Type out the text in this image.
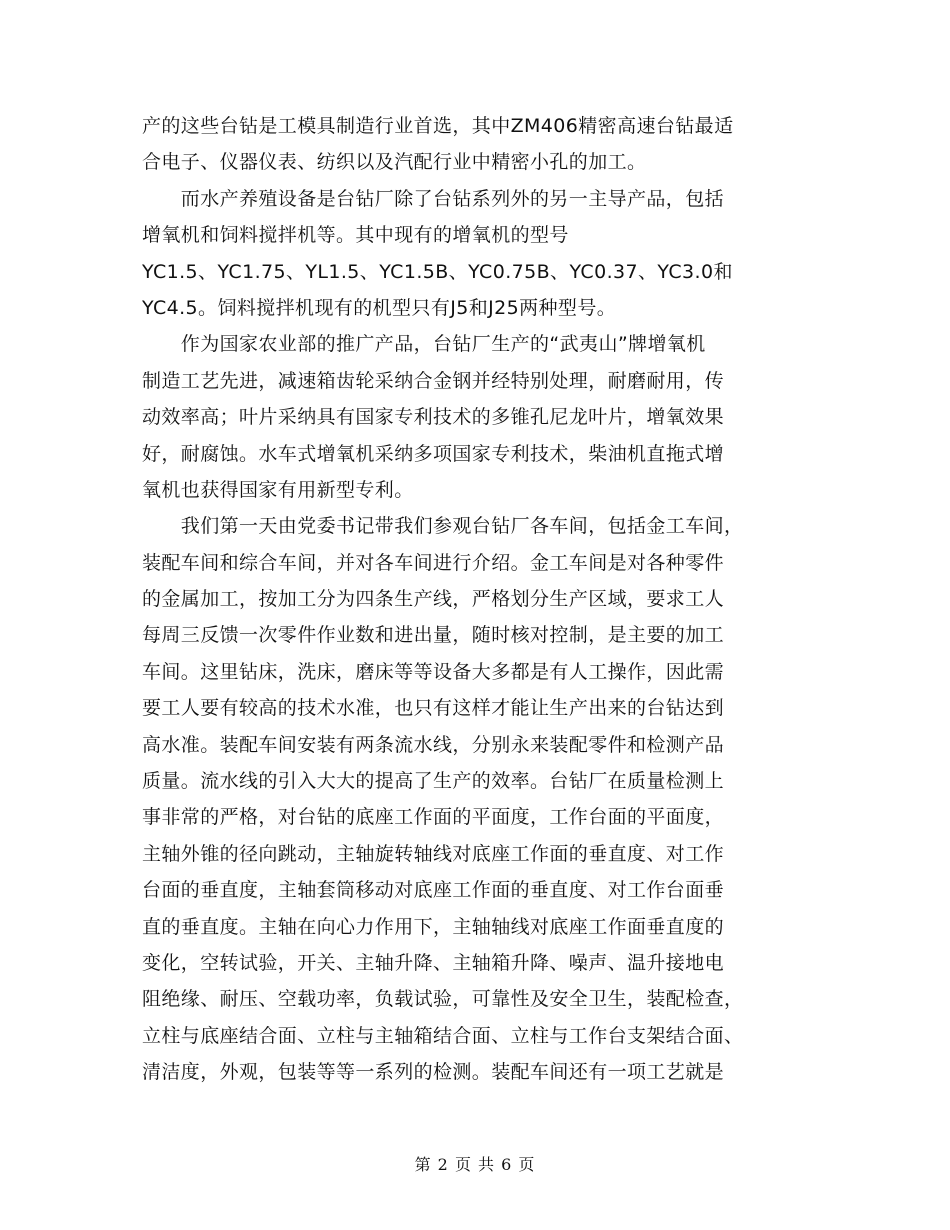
产的这些台钻是工模具制造行业首选，其中ZM406精密高速台钻最适
合电子、仪器仪表、纺织以及汽配行业中精密小孔的加工。
　　而水产养殖设备是台钻厂除了台钻系列外的另一主导产品，包括
增氧机和饲料搅拌机等。其中现有的增氧机的型号
YC1.5、YC1.75、YL1.5、YC1.5B、YC0.75B、YC0.37、YC3.0和
YC4.5。饲料搅拌机现有的机型只有J5和J25两种型号。
　　作为国家农业部的推广产品，台钻厂生产的“武夷山”牌增氧机
制造工艺先进，减速箱齿轮采纳合金钢并经特别处理，耐磨耐用，传
动效率高；叶片采纳具有国家专利技术的多锥孔尼龙叶片，增氧效果
好，耐腐蚀。水车式增氧机采纳多项国家专利技术，柴油机直拖式增
氧机也获得国家有用新型专利。
　　我们第一天由党委书记带我们参观台钻厂各车间，包括金工车间，
装配车间和综合车间，并对各车间进行介绍。金工车间是对各种零件
的金属加工，按加工分为四条生产线，严格划分生产区域，要求工人
每周三反馈一次零件作业数和进出量，随时核对控制，是主要的加工
车间。这里钻床，洗床，磨床等等设备大多都是有人工操作，因此需
要工人要有较高的技术水准，也只有这样才能让生产出来的台钻达到
高水准。装配车间安装有两条流水线，分别永来装配零件和检测产品
质量。流水线的引入大大的提高了生产的效率。台钻厂在质量检测上
事非常的严格，对台钻的底座工作面的平面度，工作台面的平面度，
主轴外锥的径向跳动，主轴旋转轴线对底座工作面的垂直度、对工作
台面的垂直度，主轴套筒移动对底座工作面的垂直度、对工作台面垂
直的垂直度。主轴在向心力作用下，主轴轴线对底座工作面垂直度的
变化，空转试验，开关、主轴升降、主轴箱升降、噪声、温升接地电
阻绝缘、耐压、空载功率，负载试验，可靠性及安全卫生，装配检查，
立柱与底座结合面、立柱与主轴箱结合面、立柱与工作台支架结合面、
清洁度，外观，包装等等一系列的检测。装配车间还有一项工艺就是
第 2 页 共 6 页
